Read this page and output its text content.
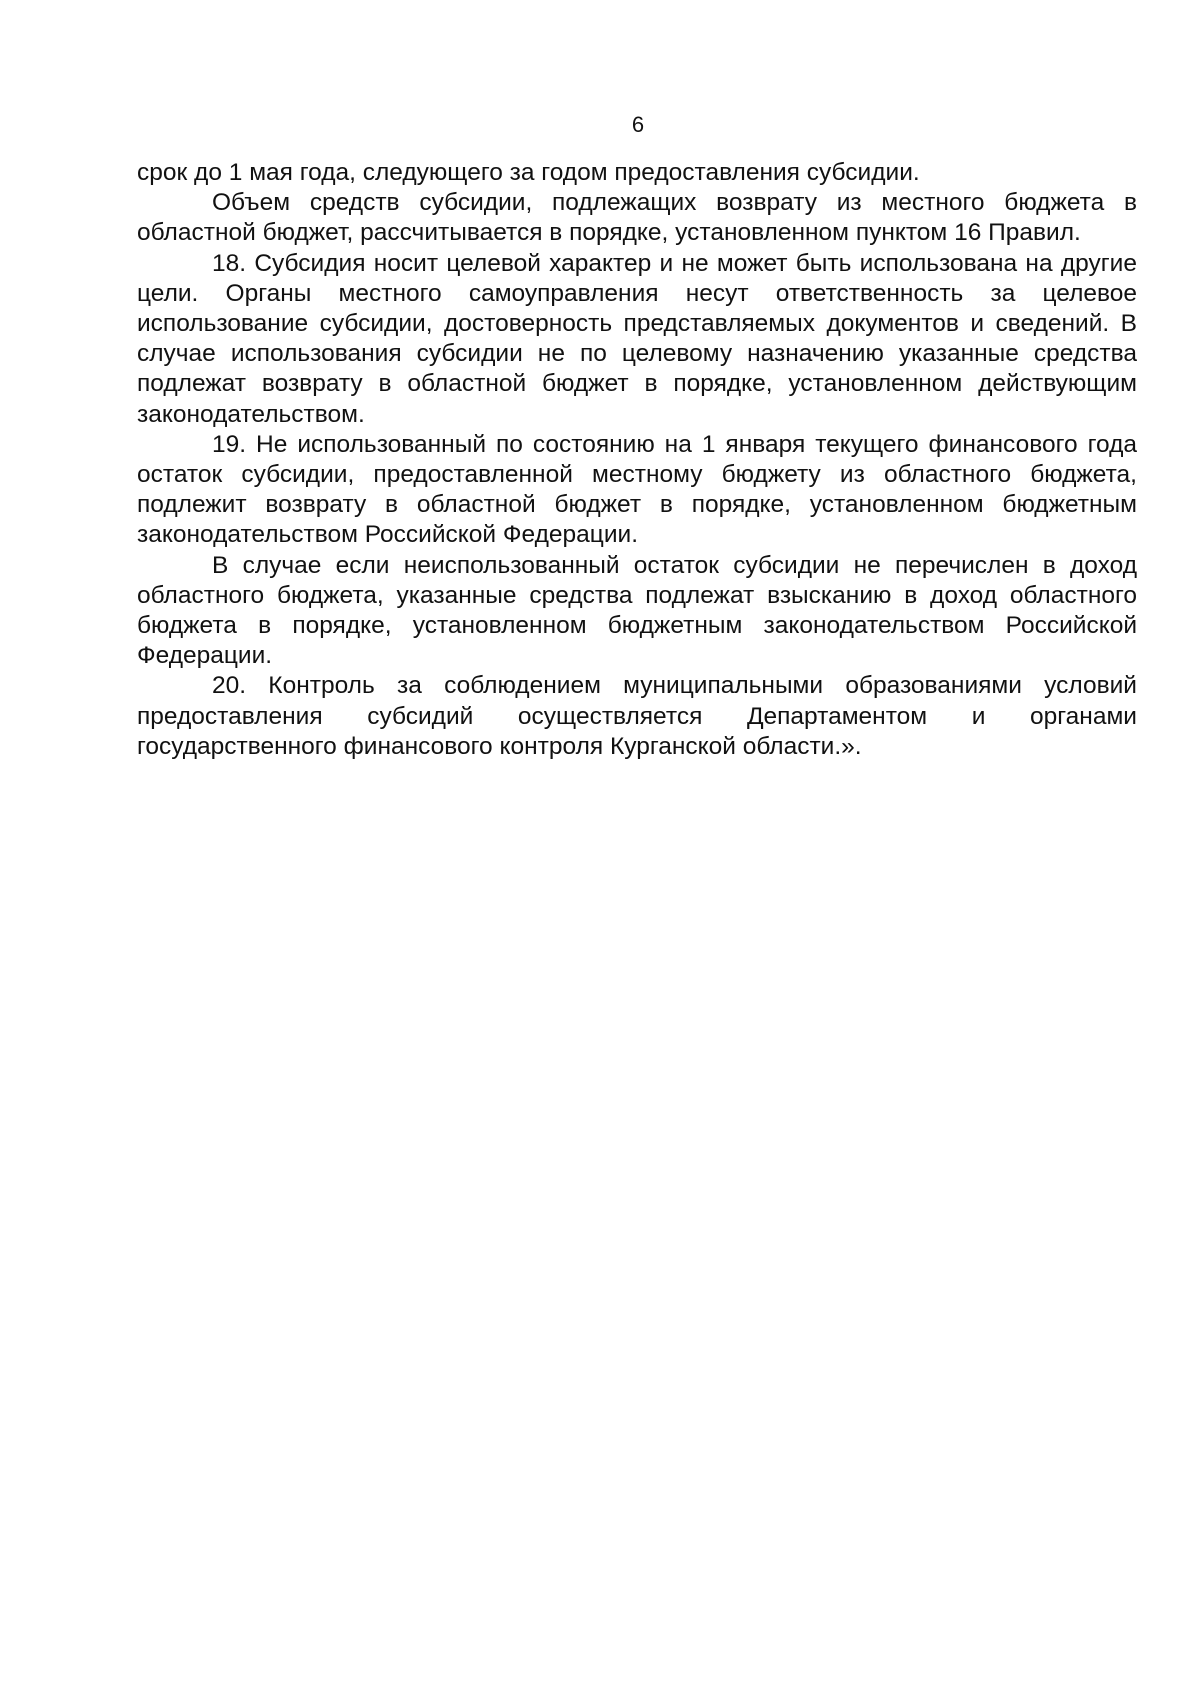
6

срок до 1 мая года, следующего за годом предоставления субсидии.

Объем средств субсидии, подлежащих возврату из местного бюджета в областной бюджет, рассчитывается в порядке, установленном пунктом 16 Правил.

18. Субсидия носит целевой характер и не может быть использована на другие цели. Органы местного самоуправления несут ответственность за целевое использование субсидии, достоверность представляемых документов и сведений. В случае использования субсидии не по целевому назначению указанные средства подлежат возврату в областной бюджет в порядке, установленном действующим законодательством.

19. Не использованный по состоянию на 1 января текущего финансового года остаток субсидии, предоставленной местному бюджету из областного бюджета, подлежит возврату в областной бюджет в порядке, установленном бюджетным законодательством Российской Федерации.

В случае если неиспользованный остаток субсидии не перечислен в доход областного бюджета, указанные средства подлежат взысканию в доход областного бюджета в порядке, установленном бюджетным законодательством Российской Федерации.

20. Контроль за соблюдением муниципальными образованиями условий предоставления субсидий осуществляется Департаментом и органами государственного финансового контроля Курганской области.».
